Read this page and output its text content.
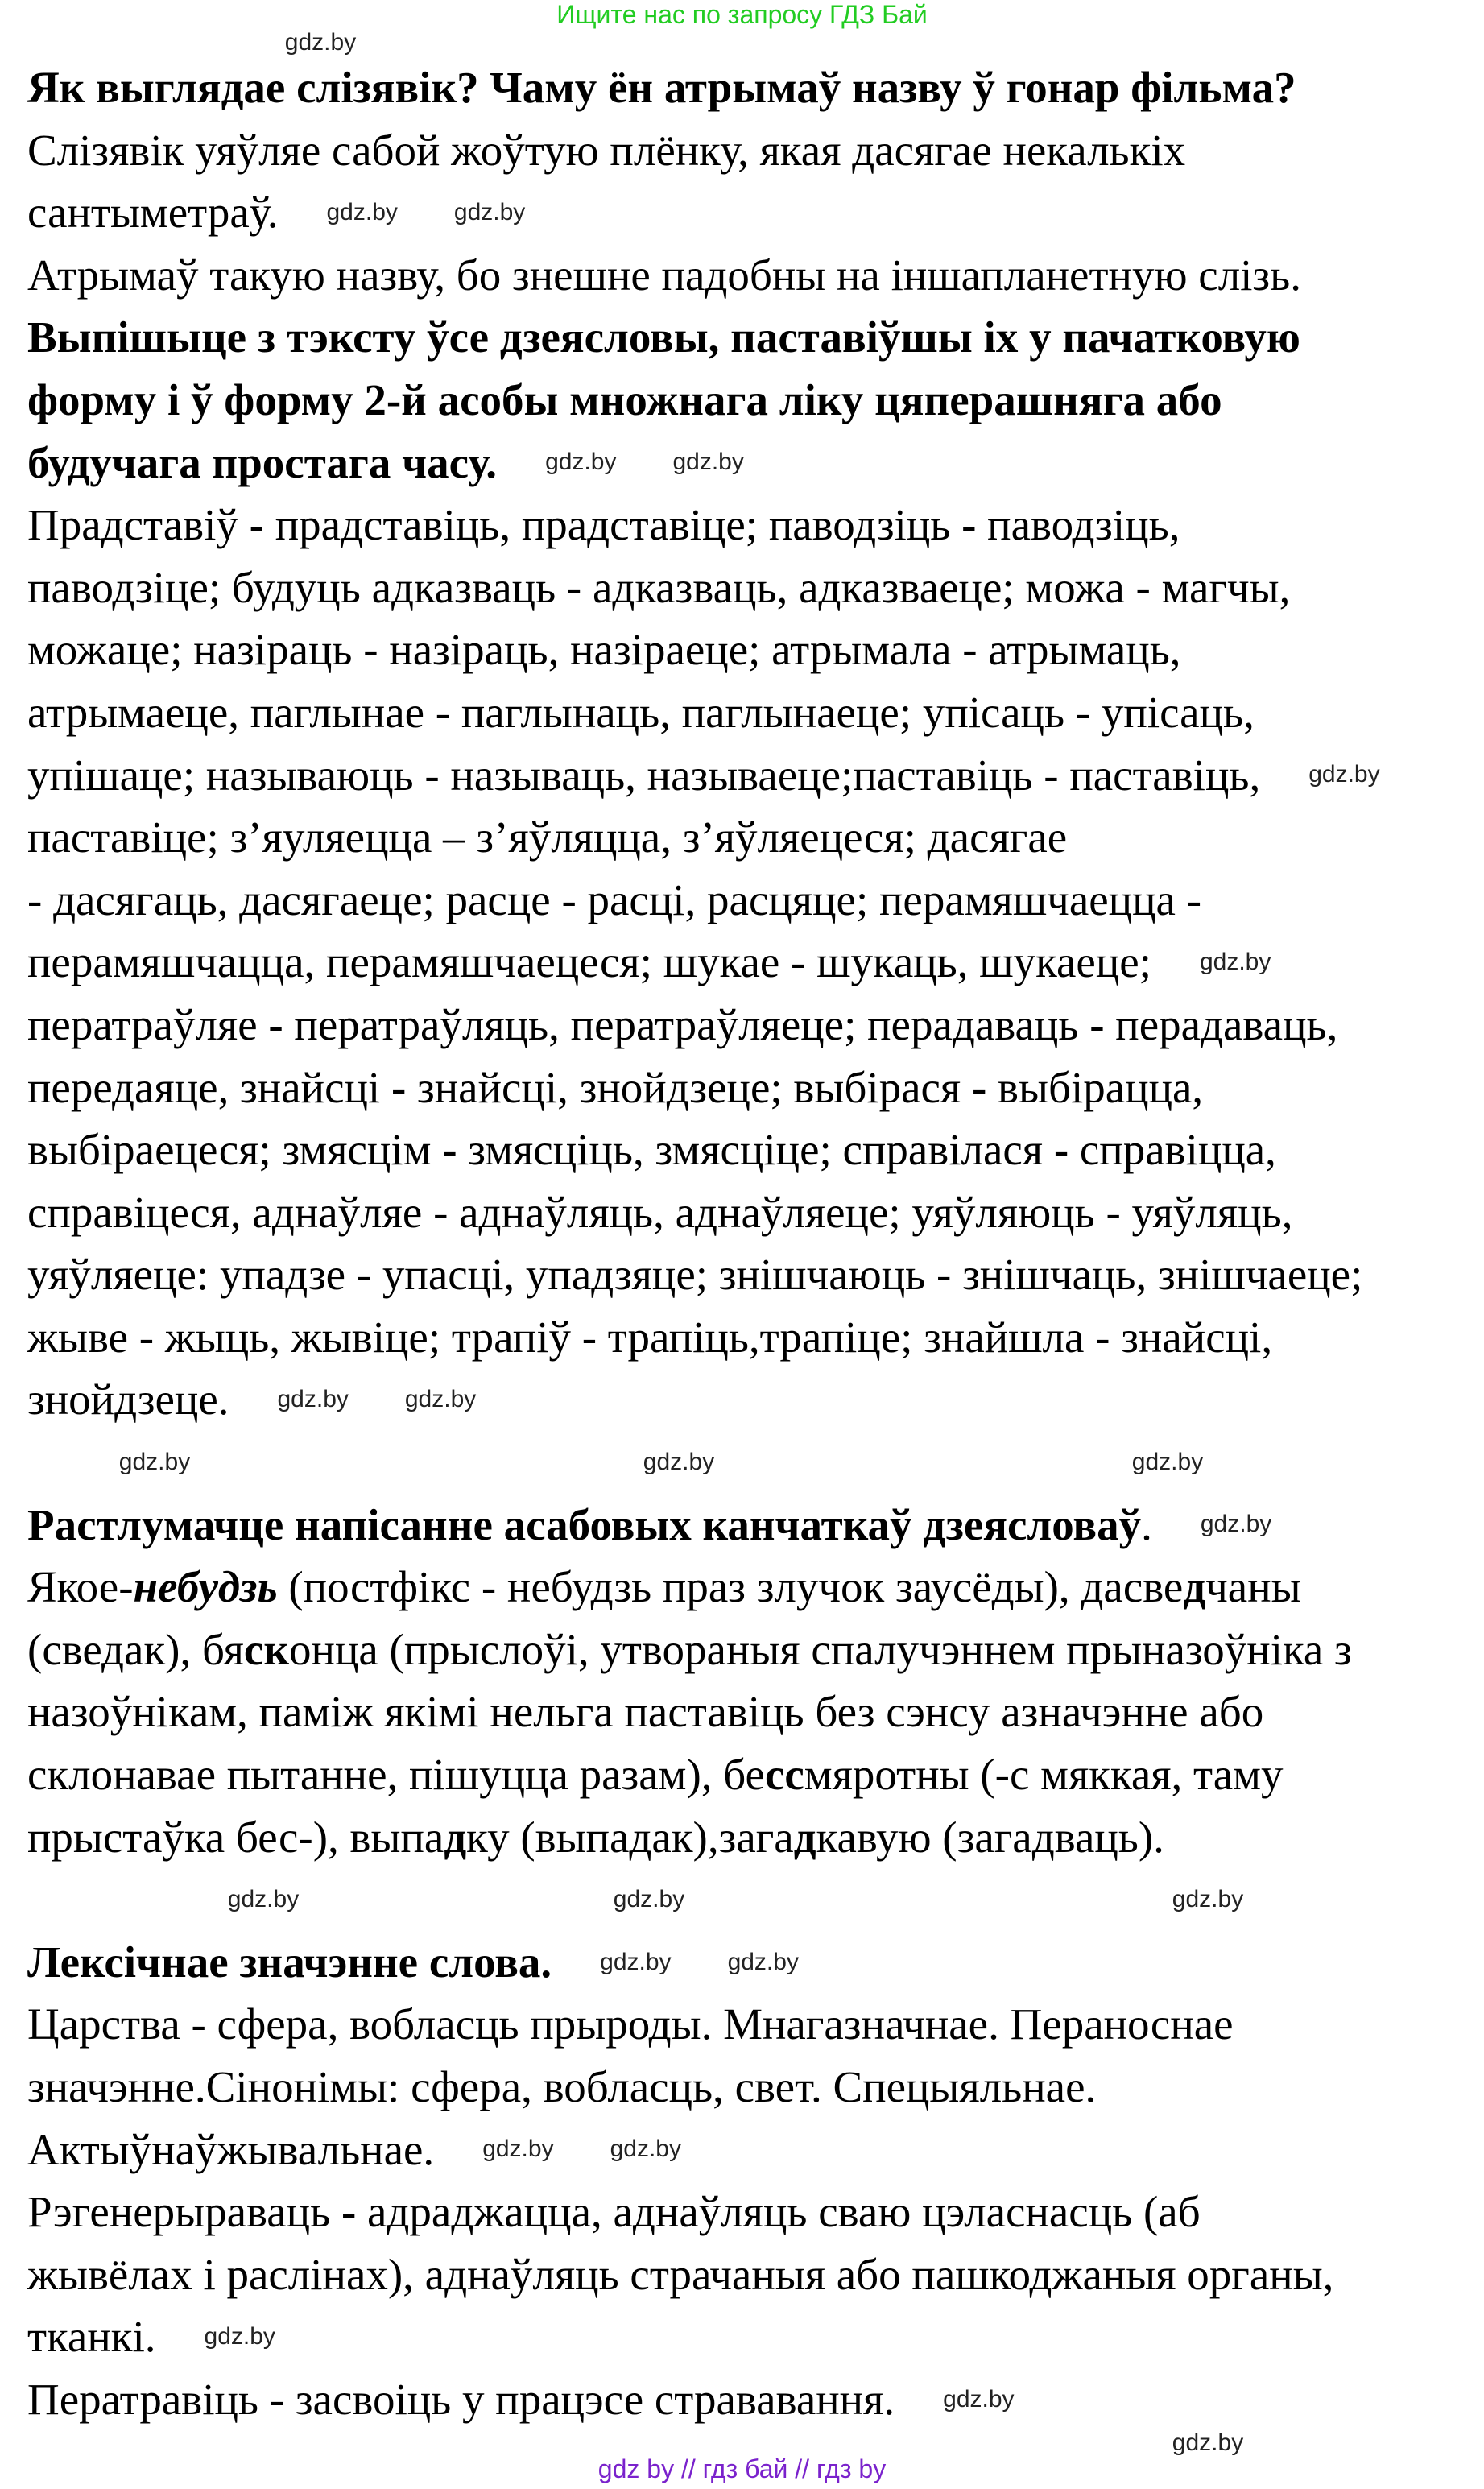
Ищите нас по запросу ГДЗ Бай
Як выглядае слізявік? Чаму ён атрымаў назву ў гонар фільма?
Слізявік уяўляе сабой жоўтую плёнку, якая дасягае некалькіх
сантыметраў.
Атрымаў такую назву, бо знешне падобны на іншапланетную слізь.
Выпішыце з тэксту ўсе дзеясловы, паставіўшы іх у пачатковую
форму і ў форму 2-й асобы множнага ліку цяперашняга або
будучага простага часу.
Прадставіў - прадставіць, прадставіце; паводзіць - паводзіць,
паводзіце; будуць адказваць - адказваць, адказваеце; можа - магчы,
можаце; назіраць - назіраць, назіраеце; атрымала - атрымаць,
атрымаеце, паглынае - паглынаць, паглынаеце; упісаць - упісаць,
упішаце; называюць - называць, называеце;паставіць - паставіць,
паставіце; з’яуляецца – з’яўляцца, з’яўляецеся; дасягае
- дасягаць, дасягаеце; расце - расці, расцяце; перамяшчаецца -
перамяшчацца, перамяшчаецеся; шукае - шукаць, шукаеце;
ператраўляе - ператраўляць, ператраўляеце; перадаваць - перадаваць,
передаяце, знайсці - знайсці, знойдзеце; выбірася - выбірацца,
выбіраецеся; змясцім - змясціць, змясціце; справілася - справіцца,
справіцеся, аднаўляе - аднаўляць, аднаўляеце; уяўляюць - уяўляць,
уяўляеце: упадзе - упасці, упадзяце; знішчаюць - знішчаць, знішчаеце;
жыве - жыць, жывіце; трапіў - трапіць,трапіце; знайшла - знайсці,
знойдзеце.
Растлумачце напісанне асабовых канчаткаў дзеясловаў.
Якое-небудзь (постфікс - небудзь праз злучок заусёды), дасведчаны
(сведак), бясконца (прыслоўі, утвораныя спалучэннем прыназоўніка з
назоўнікам, паміж якімі нельга паставіць без сэнсу азначэнне або
склонавае пытанне, пішуцца разам), бессмяротны (-с мяккая, таму
прыстаўка бес-), выпадку (выпадак),загадкавую (загадваць).
Лексічнае значэнне слова.
Царства - сфера, вобласць прыроды. Мнагазначнае. Пераноснае
значэнне.Сінонімы: сфера, вобласць, свет. Спецыяльнае.
Актыўнаўжывальнае.
Рэгенерыраваць - адраджацца, аднаўляць сваю цэласнасць (аб
жывёлах і раслінах), аднаўляць страчаныя або пашкоджаныя органы,
тканкі.
Ператравіць - засвоіць у працэсе стрававання.
gdz.by
gdz.by	gdz.by	gdz.by
gdz.by	gdz.by	gdz.by
gdz.by
gdz.by gdz.by
gdz.by gdz.by
gdz.by
gdz.by
gdz.by gdz.by
gdz.by
gdz.by gdz.by
gdz.by gdz.by
gdz.by
gdz.by
gdz by // гдз бай // гдз by
